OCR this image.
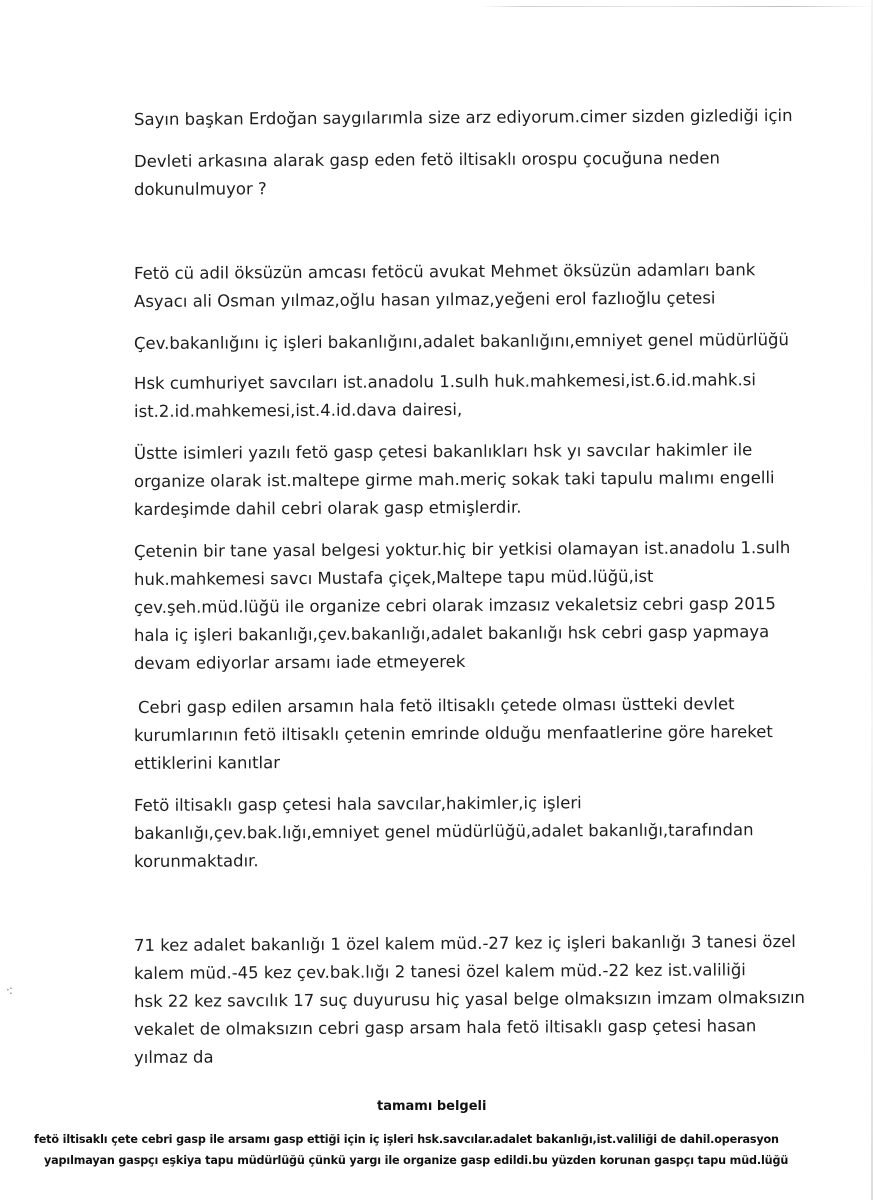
·:
Sayın başkan Erdoğan saygılarımla size arz ediyorum.cimer sizden gizlediği için
Devleti arkasına alarak gasp eden fetö iltisaklı orospu çocuğuna neden
dokunulmuyor ?
Fetö cü adil öksüzün amcası fetöcü avukat Mehmet öksüzün adamları bank
Asyacı ali Osman yılmaz,oğlu hasan yılmaz,yeğeni erol fazlıoğlu çetesi
Çev.bakanlığını iç işleri bakanlığını,adalet bakanlığını,emniyet genel müdürlüğü
Hsk cumhuriyet savcıları ist.anadolu 1.sulh huk.mahkemesi,ist.6.id.mahk.si
ist.2.id.mahkemesi,ist.4.id.dava dairesi,
Üstte isimleri yazılı fetö gasp çetesi bakanlıkları hsk yı savcılar hakimler ile
organize olarak ist.maltepe girme mah.meriç sokak taki tapulu malımı engelli
kardeşimde dahil cebri olarak gasp etmişlerdir.
Çetenin bir tane yasal belgesi yoktur.hiç bir yetkisi olamayan ist.anadolu 1.sulh
huk.mahkemesi savcı Mustafa çiçek,Maltepe tapu müd.lüğü,ist
çev.şeh.müd.lüğü ile organize cebri olarak imzasız vekaletsiz cebri gasp 2015
hala iç işleri bakanlığı,çev.bakanlığı,adalet bakanlığı hsk cebri gasp yapmaya
devam ediyorlar arsamı iade etmeyerek
Cebri gasp edilen arsamın hala fetö iltisaklı çetede olması üstteki devlet
kurumlarının fetö iltisaklı çetenin emrinde olduğu menfaatlerine göre hareket
ettiklerini kanıtlar
Fetö iltisaklı gasp çetesi hala savcılar,hakimler,iç işleri
bakanlığı,çev.bak.lığı,emniyet genel müdürlüğü,adalet bakanlığı,tarafından
korunmaktadır.
71 kez adalet bakanlığı 1 özel kalem müd.-27 kez iç işleri bakanlığı 3 tanesi özel
kalem müd.-45 kez çev.bak.lığı 2 tanesi özel kalem müd.-22 kez ist.valiliği
hsk 22 kez savcılık 17 suç duyurusu hiç yasal belge olmaksızın imzam olmaksızın
vekalet de olmaksızın cebri gasp arsam hala fetö iltisaklı gasp çetesi hasan
yılmaz da
tamamı belgeli
fetö iltisaklı çete cebri gasp ile arsamı gasp ettiği için iç işleri hsk.savcılar.adalet bakanlığı,ist.valiliği de dahil.operasyon
yapılmayan gaspçı eşkiya tapu müdürlüğü çünkü yargı ile organize gasp edildi.bu yüzden korunan gaspçı tapu müd.lüğü
